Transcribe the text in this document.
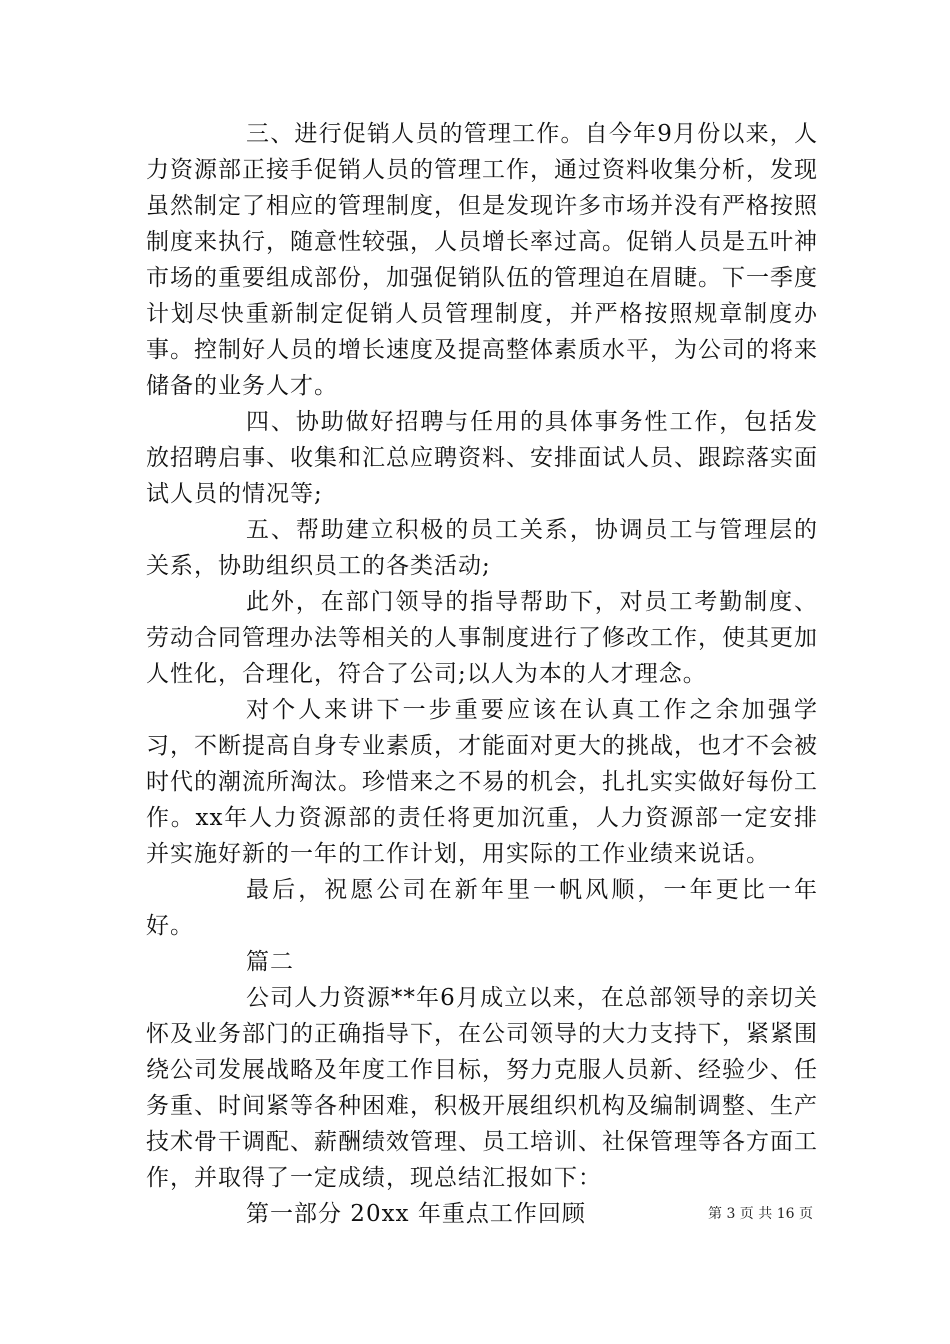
三、进行促销人员的管理工作。自今年9月份以来，人力资源部正接手促销人员的管理工作，通过资料收集分析，发现虽然制定了相应的管理制度，但是发现许多市场并没有严格按照制度来执行，随意性较强，人员增长率过高。促销人员是五叶神市场的重要组成部份，加强促销队伍的管理迫在眉睫。下一季度计划尽快重新制定促销人员管理制度，并严格按照规章制度办事。控制好人员的增长速度及提高整体素质水平，为公司的将来储备的业务人才。

四、协助做好招聘与任用的具体事务性工作，包括发放招聘启事、收集和汇总应聘资料、安排面试人员、跟踪落实面试人员的情况等;

五、帮助建立积极的员工关系，协调员工与管理层的关系，协助组织员工的各类活动;

此外，在部门领导的指导帮助下，对员工考勤制度、劳动合同管理办法等相关的人事制度进行了修改工作，使其更加人性化，合理化，符合了公司;以人为本的人才理念。

对个人来讲下一步重要应该在认真工作之余加强学习，不断提高自身专业素质，才能面对更大的挑战，也才不会被时代的潮流所淘汰。珍惜来之不易的机会，扎扎实实做好每份工作。xx年人力资源部的责任将更加沉重，人力资源部一定安排并实施好新的一年的工作计划，用实际的工作业绩来说话。

最后，祝愿公司在新年里一帆风顺，一年更比一年好。

篇二

公司人力资源**年6月成立以来，在总部领导的亲切关怀及业务部门的正确指导下，在公司领导的大力支持下，紧紧围绕公司发展战略及年度工作目标，努力克服人员新、经验少、任务重、时间紧等各种困难，积极开展组织机构及编制调整、生产技术骨干调配、薪酬绩效管理、员工培训、社保管理等各方面工作，并取得了一定成绩，现总结汇报如下：

第一部分 20xx 年重点工作回顾	第 3 页 共 16 页
